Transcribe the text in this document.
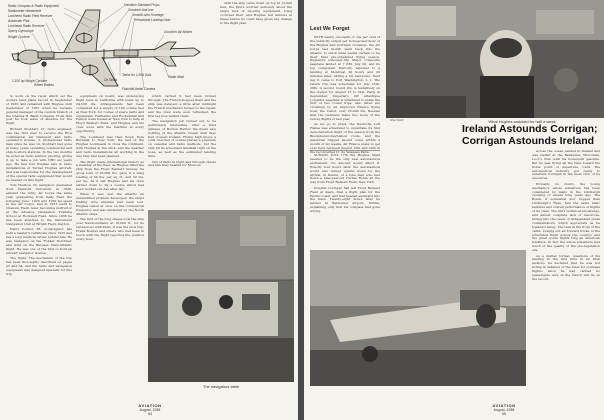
Radio Compass & Radio Equipment
Radiometer Windshield
Lockheed Radio Field Receiver
Automatic Pilot
Lockheed Radio Receiver
Sperry Gyroscope
Wright Cyclone
1,100 hp Wright Cyclone
Wheel Brakes
Hamilton Standard Props
Goodrich Anti-Icer
Smooth-skin Fuselage
Retractable Landing Gear
Tanks for 1,844 Gals
Oil Tanks
Goodrich Air Brakes
Radio Mast
Fairchild Aerial Camera

to work on the racer which set the world's land plane record in September of 1935, and remained with Hughes until September of 1937 when he became general manager of the custom branch of the Charles H. Babb Company. From that post he took leave of absence for the flight.

Richard Stoddart, 27, radio engineer, was the first man to receive the RCA combination air transport and radio operator's license. A professional radio man since he was 14, Stoddart had gone in many years operating commercial and ship-to-shore stations. In the two months he acted as radio advisor, piloting, giving it up to take a job with NBC six years ago. He had four Hughes sets in radio installations of Turner Hughes aircraft, and was responsible for the development of the special radio equipment that would be needed on this flight.

Tom Thurlow, 32, navigator, graduated from Stanford University in 1928, entered the Army Air Corps the same year, graduating from Kelly Field the following June. 1929 and 1930 he spent in the Air Corps, and in 1931 went to Chanute Field, later becoming instructor at the Advance Navigation Training School at Rockwell Field. Since 1936 he has been attached to the Instrument Navigation Unit at Wright Field, Dayton.

Harry Connor, 38, co-navigator, has held a master's certificate since 1925 and has a long nautical career behind him. He was navigator on the 'Fokker Dorothea' and later on the Burgess trans-Atlantic flight. He was one of the first to hold an aircraft navigator license.

The flight: The mechanics of the trip has been thoroughly described on pages 25 and 34, and the radio and navigation equipment was designed specially for this trip.

equipment on board, was undergoing flight tests in California with loads up to 24,500 lbs. Arrangements had been completed for a supply of 100 octane fuel at New York, for routes of spare parts and equipment. Fairbanks and Rockefeller and Fernon were loaded at New York to help at Floyd Bennett Field, and Hughes and his crew were with the machine at every opportunity.

The Lockheed was then flown from Burbank to New York, the last of the Hughes Lockheeds to cross the continent, with Hughes at the stick, and the weather and radio installations all working in the way they had been planned.

The flight made international history as a member of the fleet, as Hughes lifted the ship from the Floyd Bennett runway. Its gross load of 25,000 lbs. gave it a wing loading of 54 lbs. per sq. ft., and 32 lbs. per hp. As it left Hughes and his crew settled down to fly a course which had been worked out day after day.

When it was over the Atlantic an unidentified problem developed: the ship's trailing wire antenna had been lost. Hughes called at once on the commercial frequency and was answered by the North Atlantic ships.

The first of the long stages took the ship over Newfoundland, at 16,000 ft., for its rendezvous with Paris. It was the slow trip: Frank Boelter and others who had been in touch with the flight reported the position every hour.

which carried it had been broken through. The French stopped them and the ship was delayed; a little after midnight the French mechanics turned to the repair, and the crew were soon refreshed; the first leg now behind them.

The navigation job turned out to be particularly interesting. After a brief glimpse of Boston Harbor the flyers saw nothing of the Atlantic Ocean until they had crossed Ireland. Flying high above a solid overcast of course placed a premium on celestial and radio methods, but the ship hit its scheduled landfalls right on the nose, as well as the estimated landing time.

Out of Paris at night and through clouds and rain they headed for Moscow.

until the ship came down on top at 13,000 feet, the flyers worried seriously about the ship's lack of de-icing equipment. Icing occurred then, and Hughes felt anxious at times before he could have given any change to the flight plan.

The navigators table
AVIATION
August, 1938
54
Lest We Forget

WITH nearly one-tenth of one per cent of the publicity output per horsepower-hour of the Hughes and Corrigan crossings, the Air Corps last month went back into the Atlantic to stack what seems certain to be their final pre-scheduled flying season. England's schooner-trip Major composite seaplane landed at 7 P.M. July 20, and its top component Mercury, adjusted to a landing at Montreal 20 hours and 20 minutes later, sitting a bit bad-looks. Next day it came to Port Washington, L. I. The return trip was scheduled for July 25th-26th. A second round trip is tentatively on the docket for August 15 to 21st. Early in September, Imperial's Off Atlantique Longshot seaplane is scheduled to make the first of two round trips. Also listed are crossings by an improved Empire flying boat, the Cabot, over 25,000 lbs. Besides that the Germans make two more of the survey flights of last year.

As we go to press, the Deutsche Luft Hansa was scheduled to undertake its first demonstration flight of the season from the Biscayne/Azores/Lisbon route, and the American Clipper should come within a month or six weeks. Air France plans to get over here between August 15th and 20th in the reconverted Lt. de Vaisseau Paris.

Wide World	What Hughes watched for half a week
Ireland Astounds Corrigan;
Corrigan Astounds Ireland

SUNDAY, JULY 17th the Hughes flight seemed to be the only real aeronautical excitement. No amount would affect it. Exactly four hours later the aeronautical world was turned upside down by the arrival, in Dublin, of a lone man who had flown a nine-year-old Curtiss Robin all the way from Floyd Bennett Field, New York.

Douglas Corrigan had left Floyd Bennett Field at dawn, filed a flight plan for the Pacific Coast, and had headed eastward into the haze. Twenty-eight hours later he landed at Baldonnel Airport, Dublin, explaining only that his compass had gone wrong.

across the ocean, landed in Ireland and was stalled at the Baldonnel, Wisconsin, Lucy's Club with his homebuilt gasoline. But he was flying all the time toward his home point of departure, Calif. The aeronautical industry got ready to entertain Corrigan in the most civic of its resources.

Probably no doubt, the young mechanic's whole adventure has been considered by many in the Lindbergh crossing of eleven long years ago. The Robin, if somewhat mor rugged than Lindbergh's Ryan, had the same basic features and overall performance of flights of its class. The lad's technical knowledge, and almost complete lack of resources, brings into the cause of independent press commentators, which appreciate as he Ireland's setup. The task in the front of the cabin, looking out all forward tricks, is the scheduled flight across the country, and the great ocean flights long an American tradition. In fact the whole adventure had much of the quality of the pre-regulation era.

As a matter formal, questions of his landing in the first time in an Irish lavatory, he declared that he was not acting in defiance of the rules for overseas flights; since he had carried no passengers, and on the return will lie on the record.

AVIATION
August, 1938
55
